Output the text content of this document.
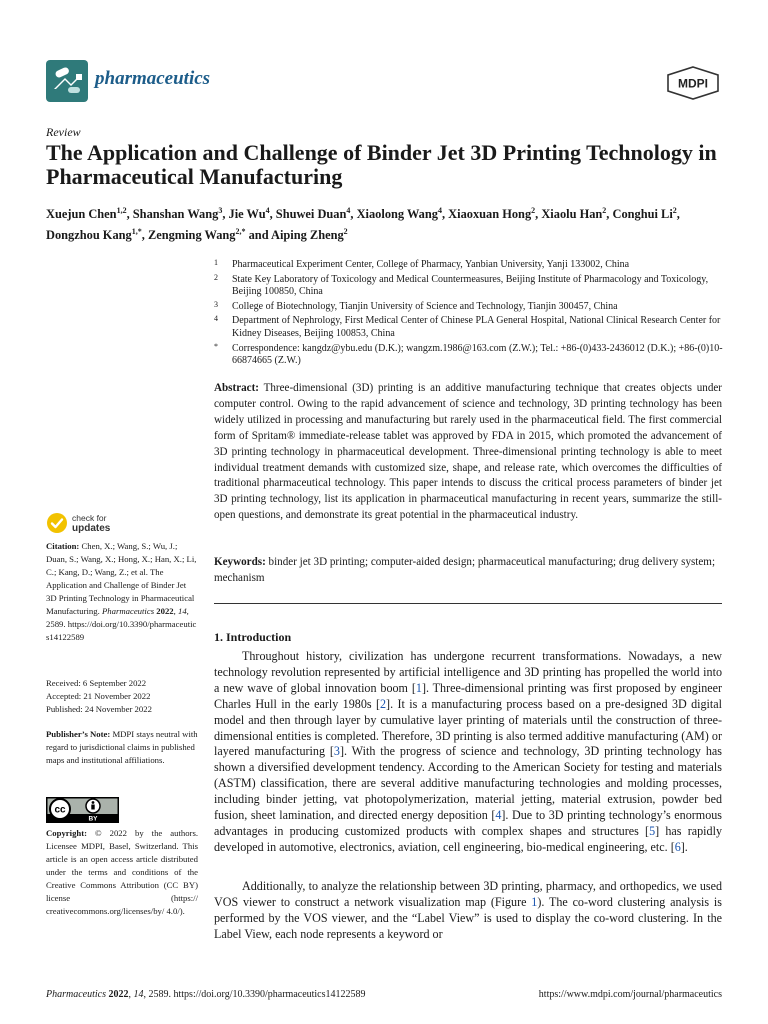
pharmaceutics	MDPI
Review
The Application and Challenge of Binder Jet 3D Printing Technology in Pharmaceutical Manufacturing
Xuejun Chen$^{1,2}$, Shanshan Wang$^3$, Jie Wu$^4$, Shuwei Duan$^4$, Xiaolong Wang$^4$, Xiaoxuan Hong$^2$, Xiaolu Han$^2$, Conghui Li$^2$, Dongzhou Kang$^{1,*}$, Zengming Wang$^{2,*}$ and Aiping Zheng$^2$
1 Pharmaceutical Experiment Center, College of Pharmacy, Yanbian University, Yanji 133002, China
2 State Key Laboratory of Toxicology and Medical Countermeasures, Beijing Institute of Pharmacology and Toxicology, Beijing 100850, China
3 College of Biotechnology, Tianjin University of Science and Technology, Tianjin 300457, China
4 Department of Nephrology, First Medical Center of Chinese PLA General Hospital, National Clinical Research Center for Kidney Diseases, Beijing 100853, China
* Correspondence: kangdz@ybu.edu (D.K.); wangzm.1986@163.com (Z.W.); Tel.: +86-(0)433-2436012 (D.K.); +86-(0)10-66874665 (Z.W.)

Abstract: Three-dimensional (3D) printing is an additive manufacturing technique that creates objects under computer control. Owing to the rapid advancement of science and technology, 3D printing technology has been widely utilized in processing and manufacturing but rarely used in the pharmaceutical field. The first commercial form of Spritam® immediate-release tablet was approved by FDA in 2015, which promoted the advancement of 3D printing technology in pharmaceutical development. Three-dimensional printing technology is able to meet individual treatment demands with customized size, shape, and release rate, which overcomes the difficulties of traditional pharmaceutical technology. This paper intends to discuss the critical process parameters of binder jet 3D printing technology, list its application in pharmaceutical manufacturing in recent years, summarize the still-open questions, and demonstrate its great potential in the pharmaceutical industry.

Keywords: binder jet 3D printing; computer-aided design; pharmaceutical manufacturing; drug delivery system; mechanism

check for
updates
Citation: Chen, X.; Wang, S.; Wu, J.; Duan, S.; Wang, X.; Hong, X.; Han, X.; Li, C.; Kang, D.; Wang, Z.; et al. The Application and Challenge of Binder Jet 3D Printing Technology in Pharmaceutical Manufacturing. Pharmaceutics 2022, 14, 2589. https://doi.org/10.3390/pharmaceutics14122589
Received: 6 September 2022
Accepted: 21 November 2022
Published: 24 November 2022
Publisher’s Note: MDPI stays neutral with regard to jurisdictional claims in published maps and institutional affiliations.
cc
BY
Copyright: © 2022 by the authors. Licensee MDPI, Basel, Switzerland. This article is an open access article distributed under the terms and conditions of the Creative Commons Attribution (CC BY) license (https:// creativecommons.org/licenses/by/ 4.0/).
1. Introduction

Throughout history, civilization has undergone recurrent transformations. Nowadays, a new technology revolution represented by artificial intelligence and 3D printing has propelled the world into a new wave of global innovation boom [1]. Three-dimensional printing was first proposed by engineer Charles Hull in the early 1980s [2]. It is a manufacturing process based on a pre-designed 3D digital model and then through layer by cumulative layer printing of materials until the construction of three-dimensional entities is completed. Therefore, 3D printing is also termed additive manufacturing (AM) or layered manufacturing [3]. With the progress of science and technology, 3D printing technology has shown a diversified development tendency. According to the American Society for testing and materials (ASTM) classification, there are several additive manufacturing technologies and molding processes, including binder jetting, vat photopolymerization, material jetting, material extrusion, powder bed fusion, sheet lamination, and directed energy deposition [4]. Due to 3D printing technology’s enormous advantages in producing customized products with complex shapes and structures [5] has rapidly developed in automotive, electronics, aviation, cell engineering, bio-medical engineering, etc. [6].

Additionally, to analyze the relationship between 3D printing, pharmacy, and orthopedics, we used VOS viewer to construct a network visualization map (Figure 1). The co-word clustering analysis is performed by the VOS viewer, and the “Label View” is used to display the co-word clustering. In the Label View, each node represents a keyword or

Pharmaceutics 2022, 14, 2589. https://doi.org/10.3390/pharmaceutics14122589	https://www.mdpi.com/journal/pharmaceutics
